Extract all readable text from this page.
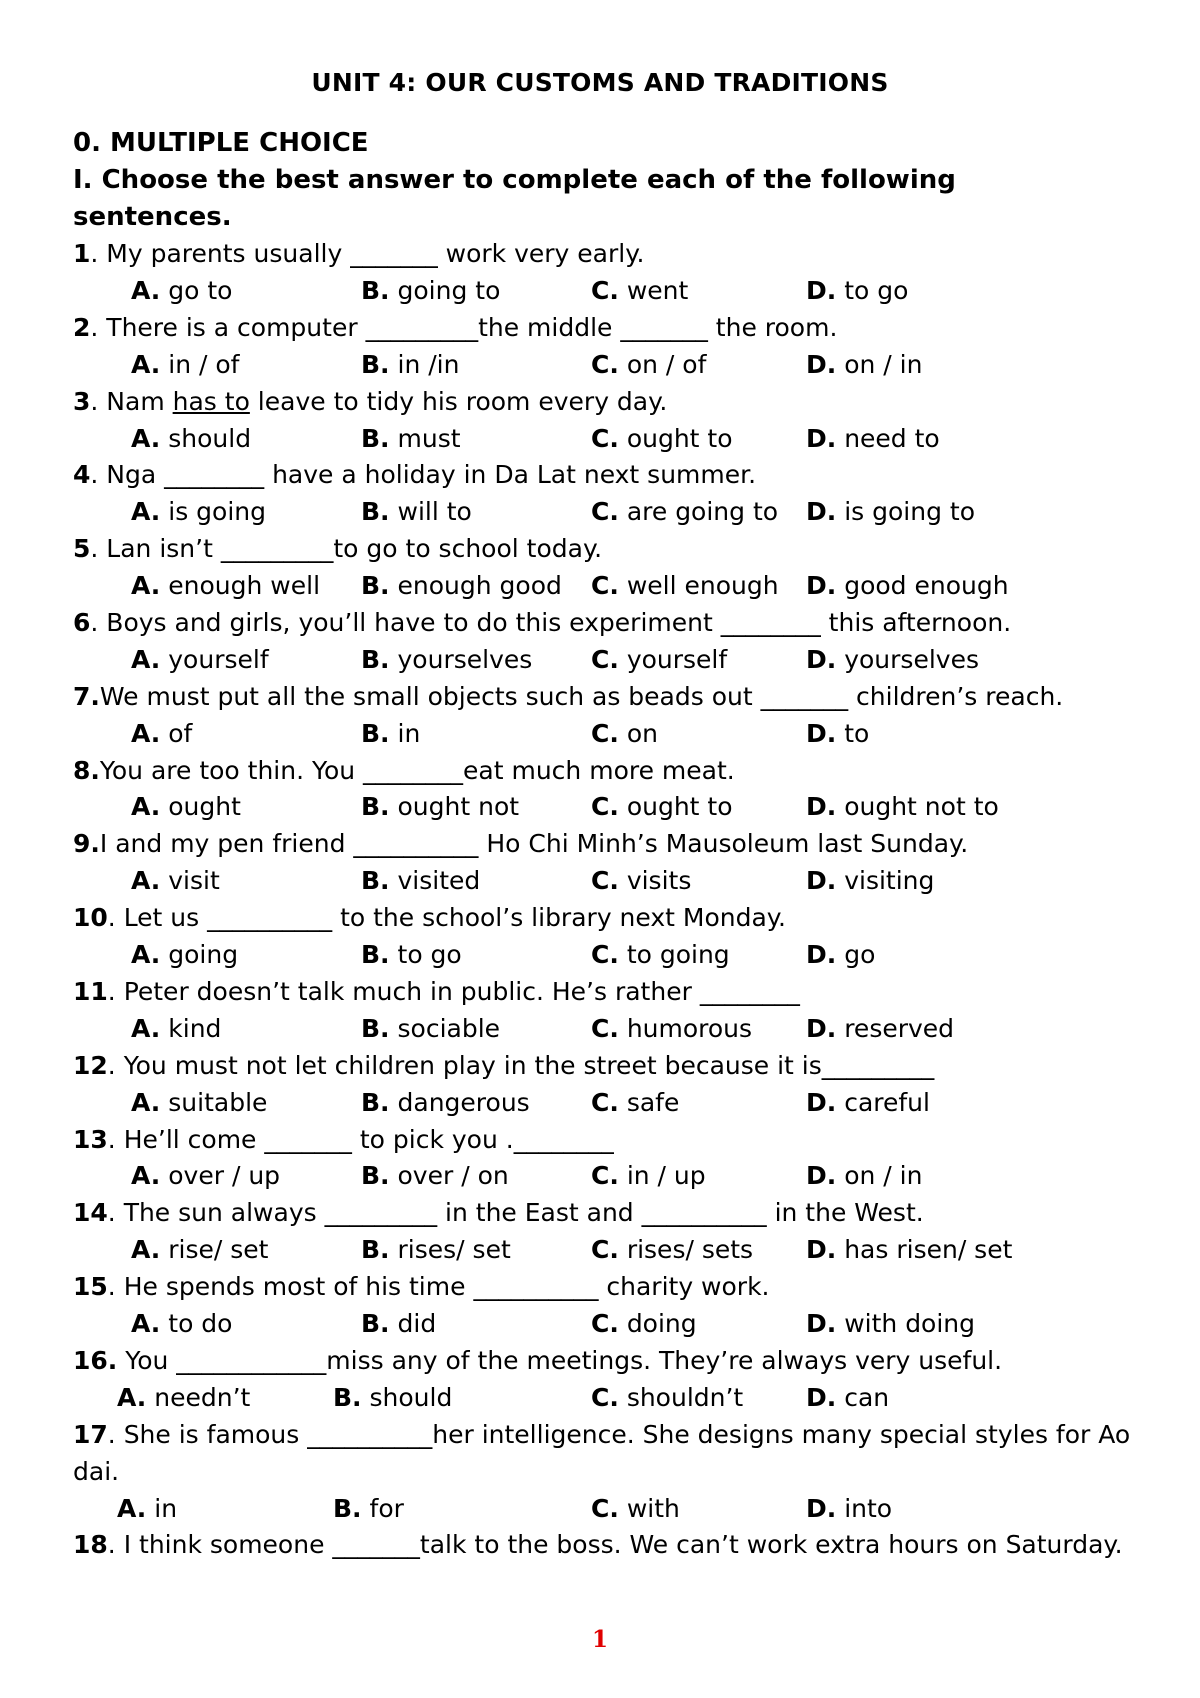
UNIT 4: OUR CUSTOMS AND TRADITIONS
0. MULTIPLE CHOICE
I. Choose the best answer to complete each of the following sentences.
1. My parents usually _______ work very early.
A. go to	B. going to	C. went	D. to go
2. There is a computer _________the middle _______ the room.
A. in / of	B. in /in	C. on / of	D. on / in
3. Nam has to leave to tidy his room every day.
A. should	B. must	C. ought to	D. need to
4. Nga ________ have a holiday in Da Lat next summer.
A. is going	B. will to	C. are going to D. is going to
5. Lan isn’t _________to go to school today.
A. enough well B. enough good C. well enough D. good enough
6. Boys and girls, you’ll have to do this experiment ________ this afternoon.
A. yourself	B. yourselves C. yourself	D. yourselves
7.We must put all the small objects such as beads out _______ children’s reach.
A. of	B. in	C. on	D. to
8.You are too thin. You ________eat much more meat.
A. ought	B. ought not	C. ought to	D. ought not to
9.I and my pen friend __________ Ho Chi Minh’s Mausoleum last Sunday.
A. visit	B. visited	C. visits	D. visiting
10. Let us __________ to the school’s library next Monday.
A. going	B. to go	C. to going	D. go
11. Peter doesn’t talk much in public. He’s rather ________
A. kind	B. sociable	C. humorous D. reserved
12. You must not let children play in the street because it is_________
A. suitable	B. dangerous C. safe	D. careful
13. He’ll come _______ to pick you .________
A. over / up	B. over / on	C. in / up	D. on / in
14. The sun always _________ in the East and __________ in the West.
A. rise/ set	B. rises/ set	C. rises/ sets D. has risen/ set
15. He spends most of his time __________ charity work.
A. to do	B. did	C. doing	D. with doing
16. You ____________miss any of the meetings. They’re always very useful.
A. needn’t	B. should	C. shouldn’t	D. can
17. She is famous __________her intelligence. She designs many special styles for Ao dai.
A. in	B. for	C. with	D. into
18. I think someone _______talk to the boss. We can’t work extra hours on Saturday.
1
